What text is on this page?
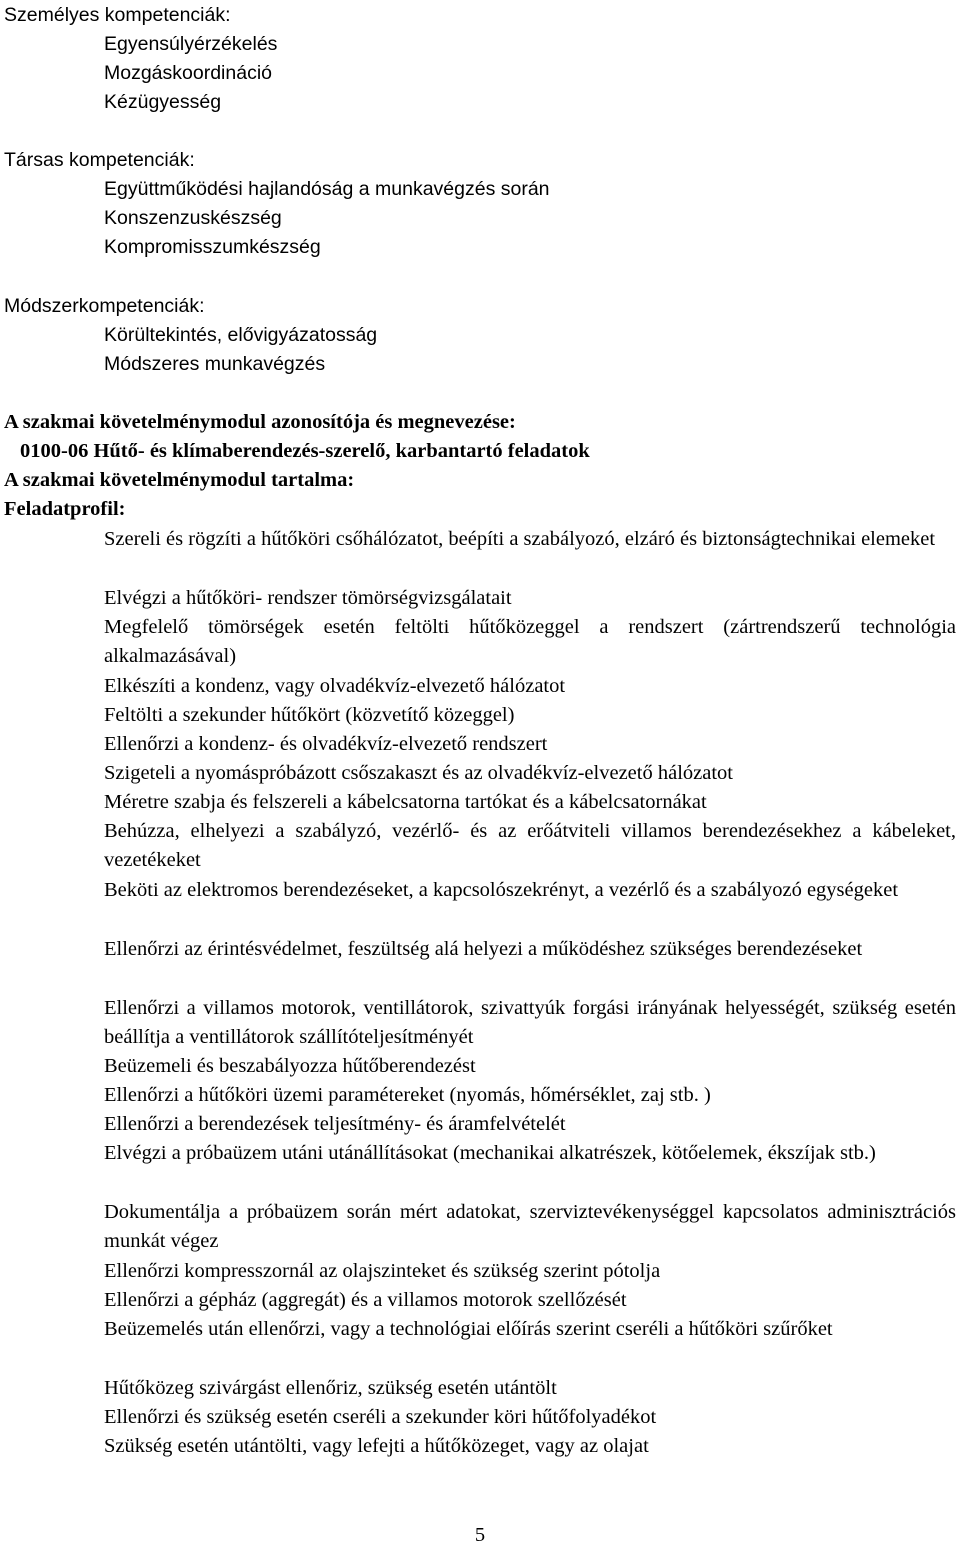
Személyes kompetenciák:
Egyensúlyérzékelés
Mozgáskoordináció
Kézügyesség
Társas kompetenciák:
Együttműködési hajlandóság a munkavégzés során
Konszenzuskészség
Kompromisszumkészség
Módszerkompetenciák:
Körültekintés, elővigyázatosság
Módszeres munkavégzés
A szakmai követelménymodul azonosítója és megnevezése:
0100-06 Hűtő- és klímaberendezés-szerelő, karbantartó feladatok
A szakmai követelménymodul tartalma:
Feladatprofil:
Szereli és rögzíti a hűtőköri csőhálózatot, beépíti a szabályozó, elzáró és biztonságtechnikai elemeket
Elvégzi a hűtőköri- rendszer tömörségvizsgálatait
Megfelelő tömörségek esetén feltölti hűtőközeggel a rendszert (zártrendszerű technológia alkalmazásával)
Elkészíti a kondenz, vagy olvadékvíz-elvezető hálózatot
Feltölti a szekunder hűtőkört (közvetítő közeggel)
Ellenőrzi a kondenz- és olvadékvíz-elvezető rendszert
Szigeteli a nyomáspróbázott csőszakaszt és az olvadékvíz-elvezető hálózatot
Méretre szabja és felszereli a kábelcsatorna tartókat és a kábelcsatornákat
Behúzza, elhelyezi a szabályzó, vezérlő- és az erőátviteli villamos berendezésekhez a kábeleket, vezetékeket
Beköti az elektromos berendezéseket, a kapcsolószekrényt, a vezérlő és a szabályozó egységeket
Ellenőrzi az érintésvédelmet, feszültség alá helyezi a működéshez szükséges berendezéseket
Ellenőrzi a villamos motorok, ventillátorok, szivattyúk forgási irányának helyességét, szükség esetén beállítja a ventillátorok szállítóteljesítményét
Beüzemeli és beszabályozza hűtőberendezést
Ellenőrzi a hűtőköri üzemi paramétereket (nyomás, hőmérséklet, zaj stb. )
Ellenőrzi a berendezések teljesítmény- és áramfelvételét
Elvégzi a próbaüzem utáni utánállításokat (mechanikai alkatrészek, kötőelemek, ékszíjak stb.)
Dokumentálja a próbaüzem során mért adatokat, szerviztevékenységgel kapcsolatos adminisztrációs munkát végez
Ellenőrzi kompresszornál az olajszinteket és szükség szerint pótolja
Ellenőrzi a gépház (aggregát) és a villamos motorok szellőzését
Beüzemelés után ellenőrzi, vagy a technológiai előírás szerint cseréli a hűtőköri szűrőket
Hűtőközeg szivárgást ellenőriz, szükség esetén utántölt
Ellenőrzi és szükség esetén cseréli a szekunder köri hűtőfolyadékot
Szükség esetén utántölti, vagy lefejti a hűtőközeget, vagy az olajat
5
